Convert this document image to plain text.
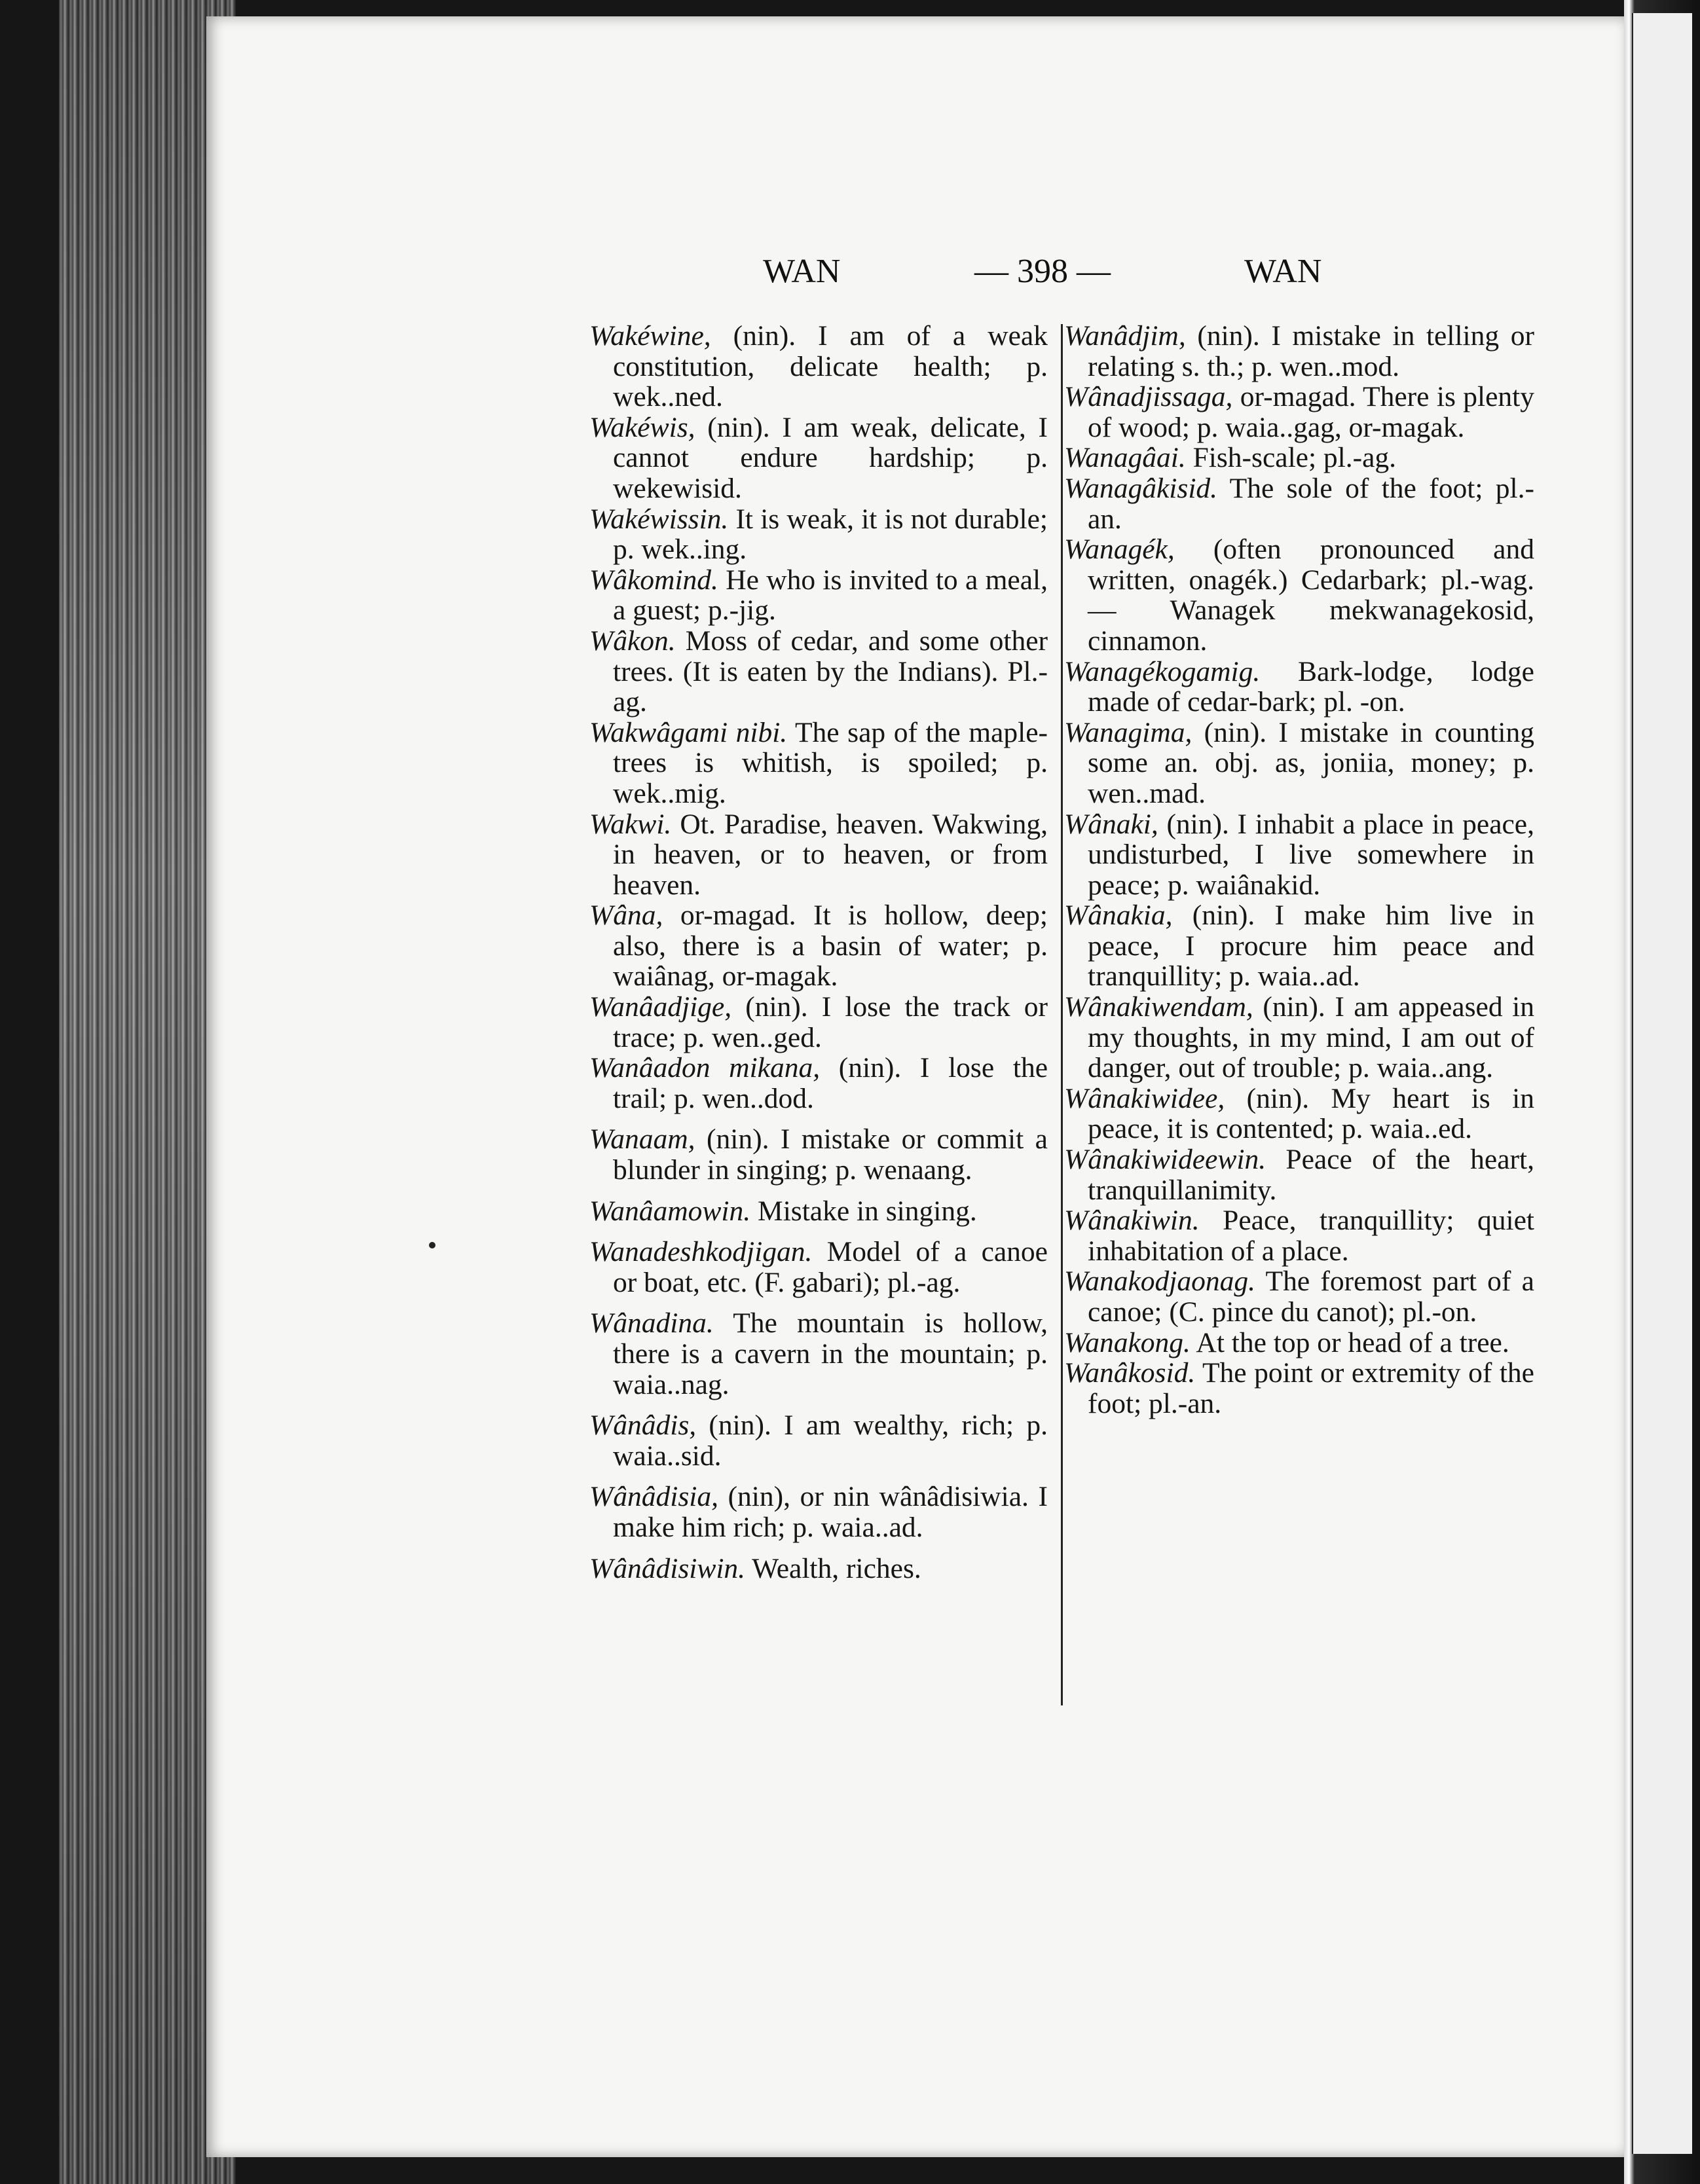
WAN	— 398 —	WAN

Wakéwine, (nin). I am of a weak constitution, delicate health; p. wek..ned.

Wakéwis, (nin). I am weak, delicate, I cannot endure hardship; p. wekewisid.

Wakéwissin. It is weak, it is not durable; p. wek..ing.

Wâkomind. He who is invited to a meal, a guest; p.-jig.

Wâkon. Moss of cedar, and some other trees. (It is eaten by the Indians). Pl.-ag.

Wakwâgami nibi. The sap of the maple-trees is whitish, is spoiled; p. wek..mig.

Wakwi. Ot. Paradise, heaven. Wakwing, in heaven, or to heaven, or from heaven.

Wâna, or-magad. It is hollow, deep; also, there is a basin of water; p. waiânag, or-magak.

Wanâadjige, (nin). I lose the track or trace; p. wen..ged.

Wanâadon mikana, (nin). I lose the trail; p. wen..dod.

Wanaam, (nin). I mistake or commit a blunder in singing; p. wenaang.

Wanâamowin. Mistake in singing.

Wanadeshkodjigan. Model of a canoe or boat, etc. (F. gabari); pl.-ag.

Wânadina. The mountain is hollow, there is a cavern in the mountain; p. waia..nag.

Wânâdis, (nin). I am wealthy, rich; p. waia..sid.

Wânâdisia, (nin), or nin wânâdisiwia. I make him rich; p. waia..ad.

Wânâdisiwin. Wealth, riches.

Wanâdjim, (nin). I mistake in telling or relating s. th.; p. wen..mod.

Wânadjissaga, or-magad. There is plenty of wood; p. waia..gag, or-magak.

Wanagâai. Fish-scale; pl.-ag.

Wanagâkisid. The sole of the foot; pl.-an.

Wanagék, (often pronounced and written, onagék.) Cedarbark; pl.-wag.— Wanagek mekwanagekosid, cinnamon.

Wanagékogamig. Bark-lodge, lodge made of cedar-bark; pl. -on.

Wanagima, (nin). I mistake in counting some an. obj. as, joniia, money; p. wen..mad.

Wânaki, (nin). I inhabit a place in peace, undisturbed, I live somewhere in peace; p. waiânakid.

Wânakia, (nin). I make him live in peace, I procure him peace and tranquillity; p. waia..ad.

Wânakiwendam, (nin). I am appeased in my thoughts, in my mind, I am out of danger, out of trouble; p. waia..ang.

Wânakiwidee, (nin). My heart is in peace, it is contented; p. waia..ed.

Wânakiwideewin. Peace of the heart, tranquillanimity.

Wânakiwin. Peace, tranquillity; quiet inhabitation of a place.

Wanakodjaonag. The foremost part of a canoe; (C. pince du canot); pl.-on.

Wanakong. At the top or head of a tree.

Wanâkosid. The point or extremity of the foot; pl.-an.
